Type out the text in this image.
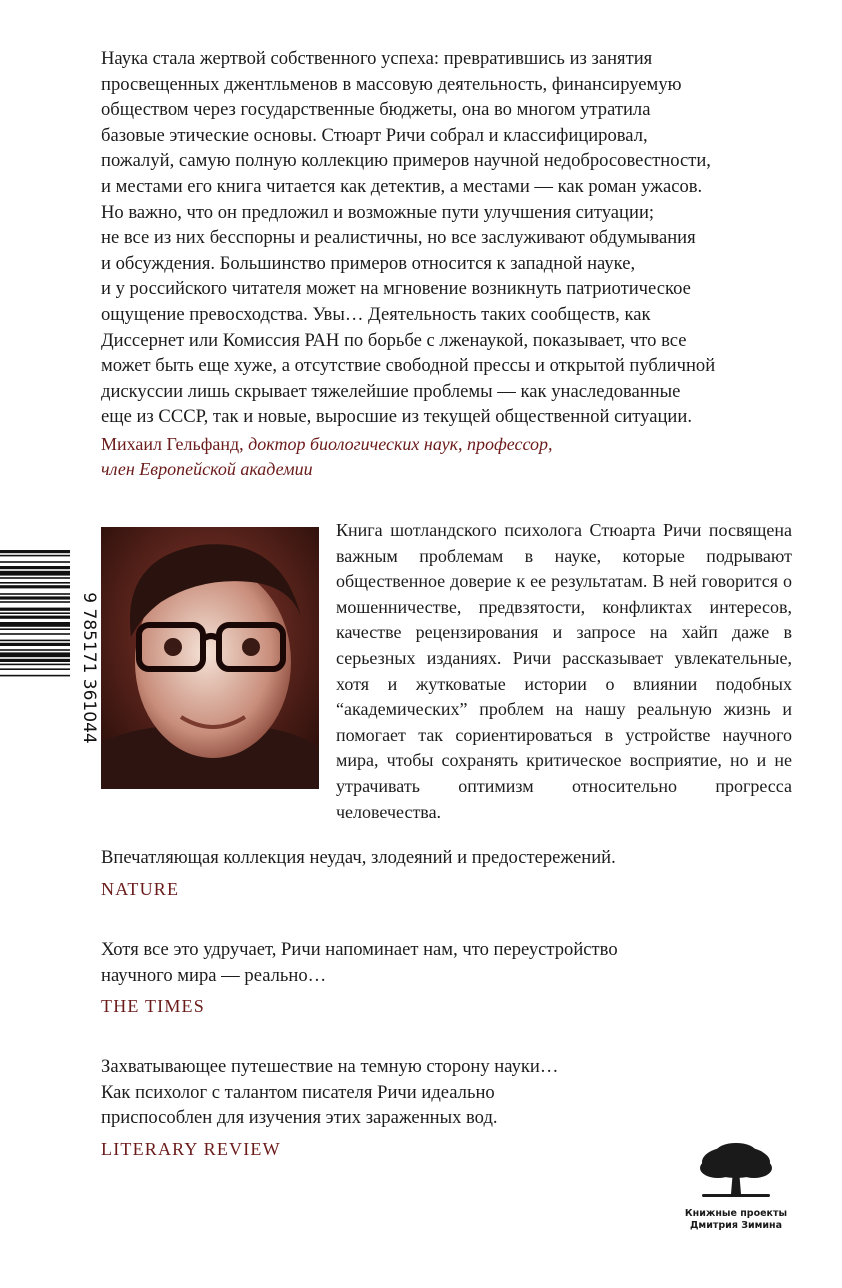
Наука стала жертвой собственного успеха: превратившись из занятия
просвещенных джентльменов в массовую деятельность, финансируемую
обществом через государственные бюджеты, она во многом утратила
базовые этические основы. Стюарт Ричи собрал и классифицировал,
пожалуй, самую полную коллекцию примеров научной недобросовестности,
и местами его книга читается как детектив, а местами — как роман ужасов.
Но важно, что он предложил и возможные пути улучшения ситуации;
не все из них бесспорны и реалистичны, но все заслуживают обдумывания
и обсуждения. Большинство примеров относится к западной науке,
и у российского читателя может на мгновение возникнуть патриотическое
ощущение превосходства. Увы… Деятельность таких сообществ, как
Диссернет или Комиссия РАН по борьбе с лженаукой, показывает, что все
может быть еще хуже, а отсутствие свободной прессы и открытой публичной
дискуссии лишь скрывает тяжелейшие проблемы — как унаследованные
еще из СССР, так и новые, выросшие из текущей общественной ситуации.

Михаил Гельфанд, доктор биологических наук, профессор,
член Европейской академии
9 785171 361044

Книга шотландского психолога Стюарта Ричи посвящена важным проблемам в науке, которые подрывают общественное доверие к ее результатам. В ней говорится о мошенничестве, предвзятости, конфликтах интересов, качестве рецензирования и запросе на хайп даже в серьезных изданиях. Ричи рассказывает увлекательные, хотя и жутковатые истории о влиянии подобных “академических” проблем на нашу реальную жизнь и помогает так сориентироваться в устройстве научного мира, чтобы сохранять критическое восприятие, но и не утрачивать оптимизм относительно прогресса человечества.

Впечатляющая коллекция неудач, злодеяний и предостережений.

NATURE

Хотя все это удручает, Ричи напоминает нам, что переустройство
научного мира — реально…

THE TIMES

Захватывающее путешествие на темную сторону науки…
Как психолог с талантом писателя Ричи идеально
приспособлен для изучения этих зараженных вод.

LITERARY REVIEW
Книжные проекты
Дмитрия Зимина
